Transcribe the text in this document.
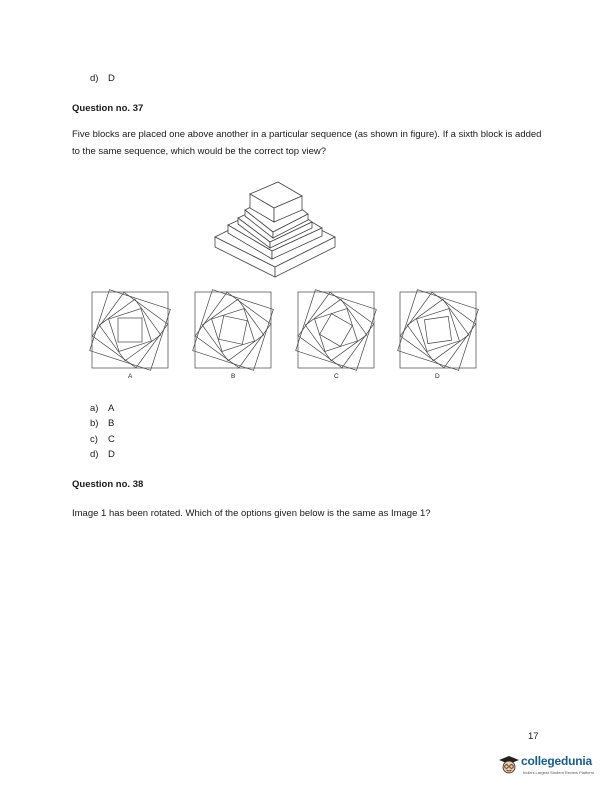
d) D
Question no. 37
Five blocks are placed one above another in a particular sequence (as shown in figure). If a sixth block is added to the same sequence, which would be the correct top view?
A	B	C	D
a) A
b) B
c) C
d) D
Question no. 38
Image 1 has been rotated. Which of the options given below is the same as Image 1?
17
collegedunia
India's Largest Student Review Platform
